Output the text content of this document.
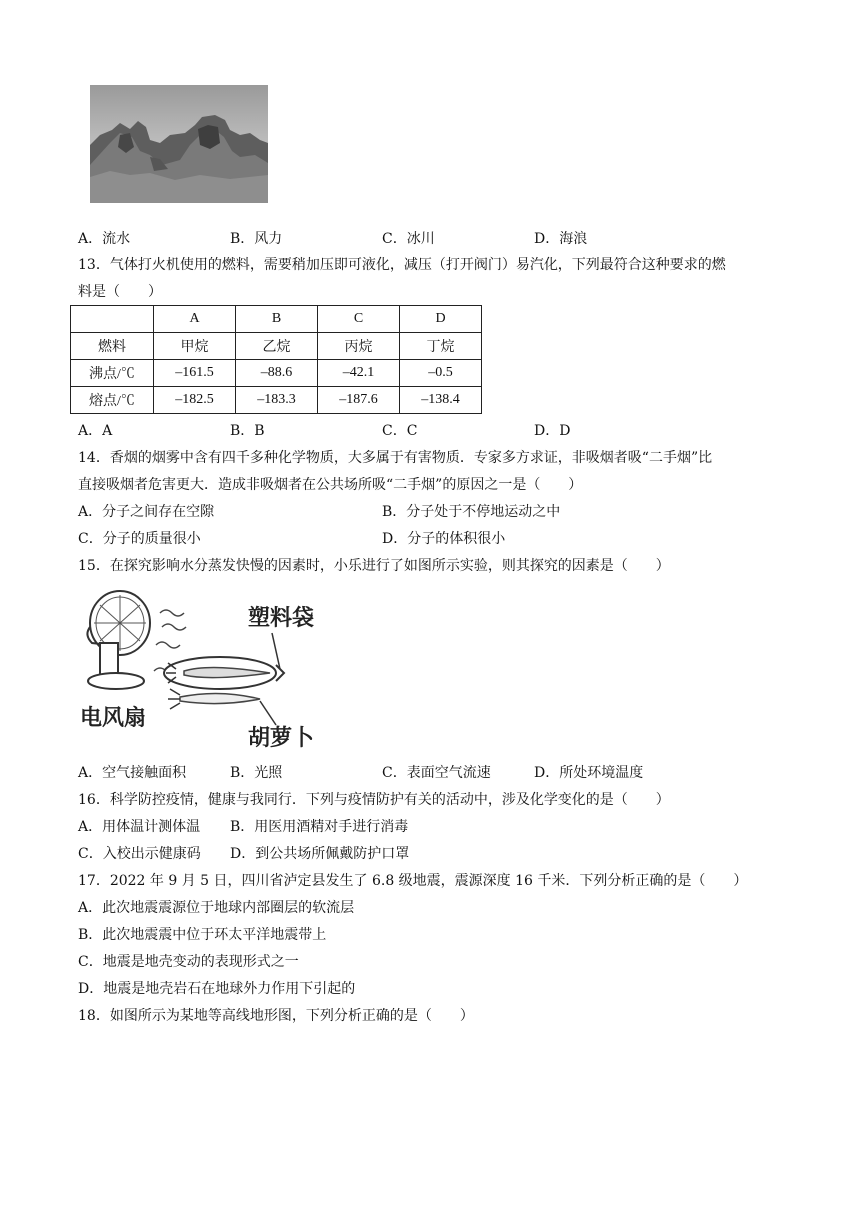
A．流水	B．风力	C．冰川	D．海浪
13．气体打火机使用的燃料，需要稍加压即可液化，减压（打开阀门）易汽化，下列最符合这种要求的燃
料是（　　）
	A	B	C	D
燃料	甲烷	乙烷	丙烷	丁烷
沸点/℃	–161.5	–88.6	–42.1	–0.5
熔点/℃	–182.5	–183.3	–187.6	–138.4
A．A	B．B	C．C	D．D
14．香烟的烟雾中含有四千多种化学物质，大多属于有害物质．专家多方求证，非吸烟者吸“二手烟”比
直接吸烟者危害更大．造成非吸烟者在公共场所吸“二手烟”的原因之一是（　　）
A．分子之间存在空隙	B．分子处于不停地运动之中
C．分子的质量很小	D．分子的体积很小
15．在探究影响水分蒸发快慢的因素时，小乐进行了如图所示实验，则其探究的因素是（　　）
塑料袋
电风扇
胡萝卜
A．空气接触面积	B．光照	C．表面空气流速	D．所处环境温度
16．科学防控疫情，健康与我同行．下列与疫情防护有关的活动中，涉及化学变化的是（　　）
A．用体温计测体温 B．用医用酒精对手进行消毒
C．入校出示健康码 D．到公共场所佩戴防护口罩
17．2022 年 9 月 5 日，四川省泸定县发生了 6.8 级地震，震源深度 16 千米．下列分析正确的是（　　）
A．此次地震震源位于地球内部圈层的软流层
B．此次地震震中位于环太平洋地震带上
C．地震是地壳变动的表现形式之一
D．地震是地壳岩石在地球外力作用下引起的
18．如图所示为某地等高线地形图，下列分析正确的是（　　）
